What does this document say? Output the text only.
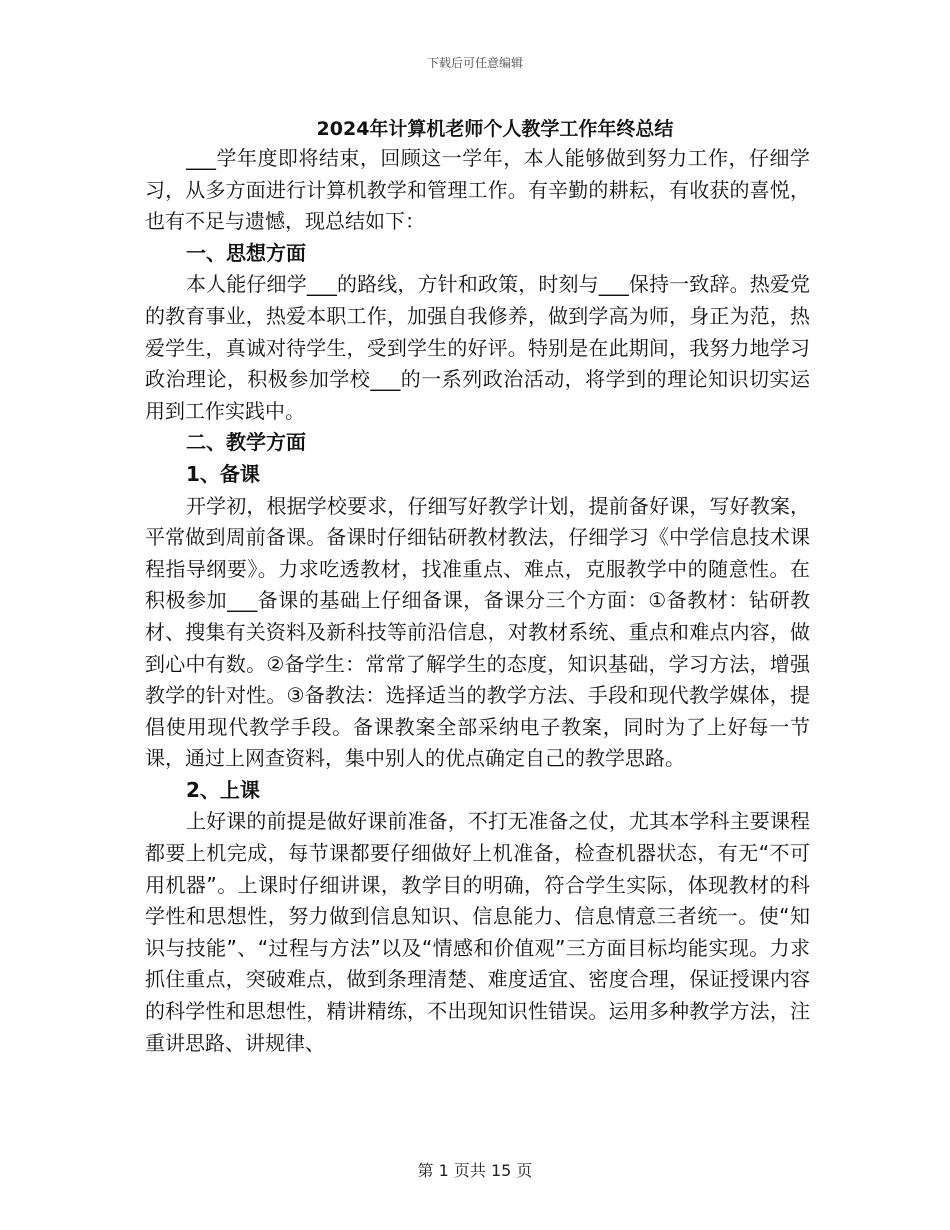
下载后可任意编辑
2024年计算机老师个人教学工作年终总结

___学年度即将结束，回顾这一学年，本人能够做到努力工作，仔细学习，从多方面进行计算机教学和管理工作。有辛勤的耕耘，有收获的喜悦，也有不足与遗憾，现总结如下：

一、思想方面

本人能仔细学___的路线，方针和政策，时刻与___保持一致辞。热爱党的教育事业，热爱本职工作，加强自我修养，做到学高为师，身正为范，热爱学生，真诚对待学生，受到学生的好评。特别是在此期间，我努力地学习政治理论，积极参加学校___的一系列政治活动，将学到的理论知识切实运用到工作实践中。

二、教学方面

1、备课

开学初，根据学校要求，仔细写好教学计划，提前备好课，写好教案，平常做到周前备课。备课时仔细钻研教材教法，仔细学习《中学信息技术课程指导纲要》。力求吃透教材，找准重点、难点，克服教学中的随意性。在积极参加___备课的基础上仔细备课，备课分三个方面：①备教材：钻研教材、搜集有关资料及新科技等前沿信息，对教材系统、重点和难点内容，做到心中有数。②备学生：常常了解学生的态度，知识基础，学习方法，增强教学的针对性。③备教法：选择适当的教学方法、手段和现代教学媒体，提倡使用现代教学手段。备课教案全部采纳电子教案，同时为了上好每一节课，通过上网查资料，集中别人的优点确定自己的教学思路。

2、上课

上好课的前提是做好课前准备，不打无准备之仗，尤其本学科主要课程都要上机完成，每节课都要仔细做好上机准备，检查机器状态，有无“不可用机器”。上课时仔细讲课，教学目的明确，符合学生实际，体现教材的科学性和思想性，努力做到信息知识、信息能力、信息情意三者统一。使“知识与技能”、“过程与方法”以及“情感和价值观”三方面目标均能实现。力求抓住重点，突破难点，做到条理清楚、难度适宜、密度合理，保证授课内容的科学性和思想性，精讲精练，不出现知识性错误。运用多种教学方法，注重讲思路、讲规律、

第 1 页共 15 页
